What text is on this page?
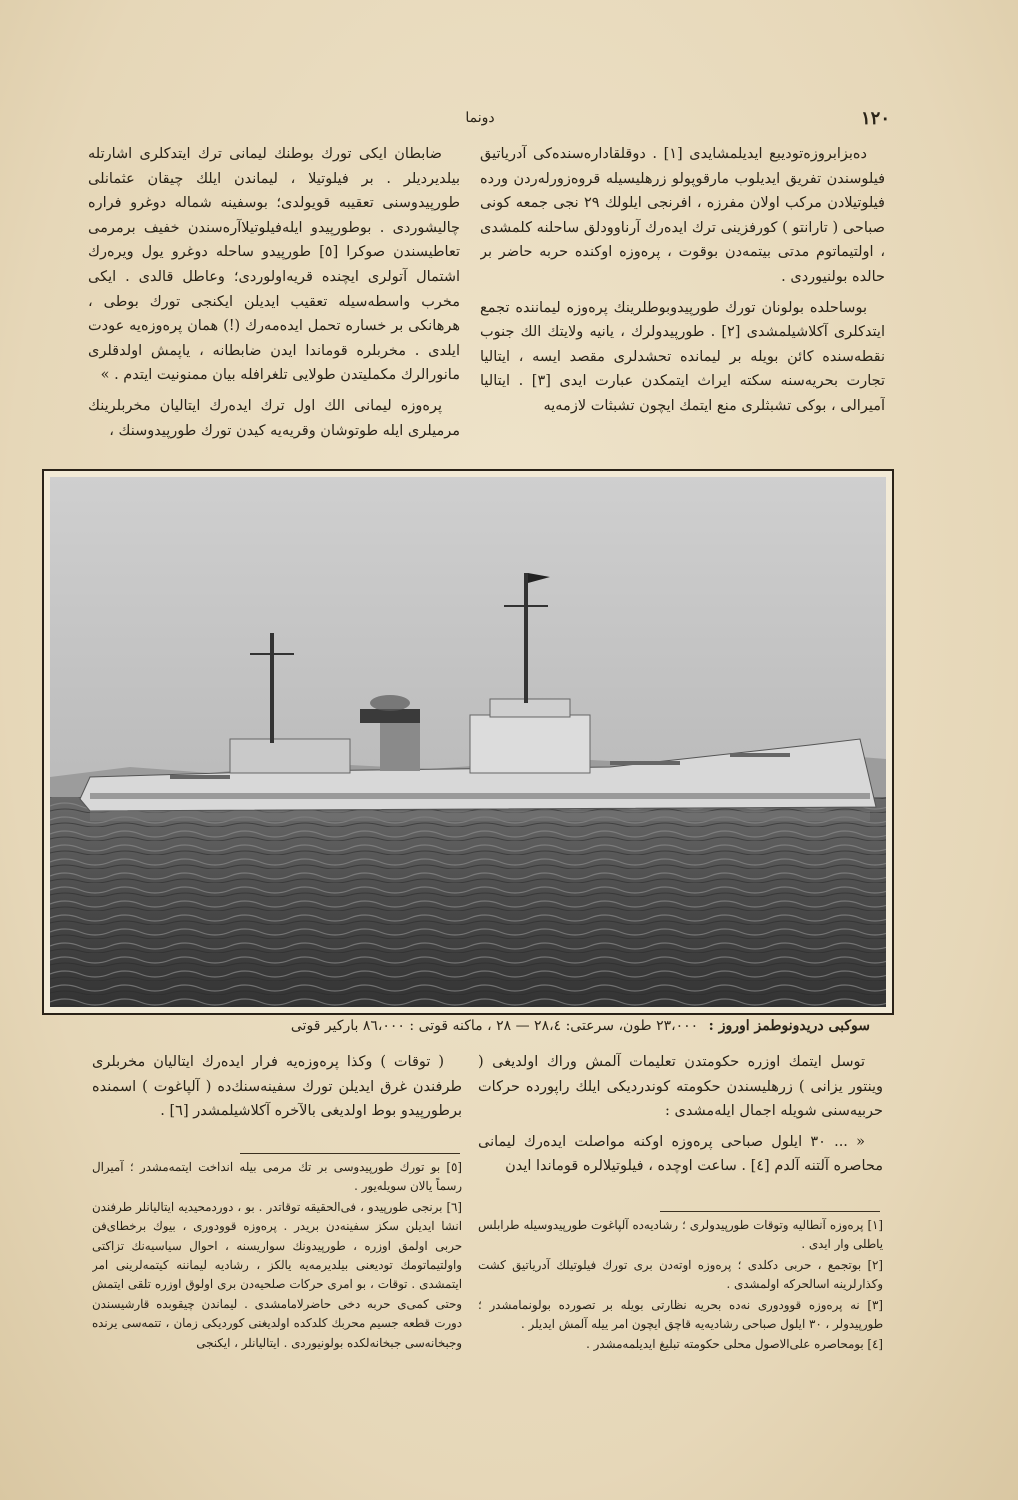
دونما	١٢٠

دەبزابروزەتودیبع ایدیلمشایدی [١] . دوقلقادارەسندەکی آدریاتیق فیلوسندن تفریق ایدیلوب مارقوپولو زرهلیسیله قروەزورلەردن وردە فیلوتیلادن مرکب اولان مفرزە ، افرنجی ایلولك ٢٩ نجی جمعە کونی صباحی ( تارانتو ) کورفزینی ترك ایدەرك آرناوودلق ساحلنە کلمشدی ، اولتیماتوم مدتی بیتمەدن بوقوت ، پرەوزە اوکندە حربە حاضر بر حالدە بولنیوردی .

بوساحلدە بولونان تورك طورپیدوبوطلرینك پرەوزە لیماننده تجمع ایتدکلری آکلاشیلمشدی [٢] . طورپیدولرك ، یانیە ولایتك الك جنوب نقطەسندە کائن بویلە بر لیماندە تحشدلری مقصد ایسە ، ایتالیا تجارت بحریەسنە سکتە ایراث ایتمکدن عبارت ایدی [٣] . ایتالیا آمیرالی ، بوکی تشبثلری منع ایتمك ایچون تشبثات لازمەیە

ضابطان ایکی تورك بوطنك لیمانی ترك ایتدکلری اشارتلە بیلدیردیلر . بر فیلوتیلا ، لیماندن ایلك چیقان عثمانلی طورپیدوسنی تعقیبە قویولدی؛ بوسفینە شمالە دوغرو فرارە چالیشوردی . بوطورپیدو ایلەفیلوتیلاآرەسندن خفیف برمرمی تعاطیسندن صوکرا [٥] طورپیدو ساحلە دوغرو یول ویرەرك اشتمال آتولری ایچندە قریەاولوردی؛ وعاطل قالدی . ایکی مخرب واسطەسیلە تعقیب ایدیلن ایکنجی تورك بوطی ، هرهانکی بر خسارە تحمل ایدەمەرك (!) همان پرەوزەیە عودت ایلدی . مخربلرە قوماندا ایدن ضابطانە ، یاپمش اولدقلری مانورالرك مکملیتدن طولایی تلغرافلە بیان ممنونیت ایتدم . »

پرەوزە لیمانی الك اول ترك ایدەرك ایتالیان مخربلرینك مرمیلری ایلە طوتوشان وقریەیە کیدن تورك طورپیدوسنك ،

سوکبی دریدونوطمز اوروز : ٢٣،٠٠٠ طون، سرعتی: ٢٨،٤ — ٢٨ ، ماکنە قوتی : ٨٦،٠٠٠ بارکیر قوتی

توسل ایتمك اوزرە حکومتدن تعلیمات آلمش وراك اولدیغی ( وینتور یزانی ) زرهلیسندن حکومتە کوندردیکی ایلك راپوردە حرکات حربیەسنی شویلە اجمال ایلەمشدی :

« ... ٣٠ ایلول صباحی پرەوزە اوکنە مواصلت ایدەرك لیمانی محاصرە آلتنە آلدم [٤] . ساعت اوچدە ، فیلوتیلالرە قوماندا ایدن

( توقات ) وکذا پرەوزەیە فرار ایدەرك ایتالیان مخربلری طرفندن غرق ایدیلن تورك سفینەسنك‌دە ( آلپاغوت ) اسمندە برطورپیدو بوط اولدیغی بالآخرە آکلاشیلمشدر [٦] .

[١] پرەوزە آنطالیە وتوقات طورپیدولری ؛ رشادیەدە آلپاغوت طورپیدوسیلە طرابلس یاطلی وار ایدی .

[٢] بوتجمع ، حربی دکلدی ؛ پرەوزە اوتەدن بری تورك فیلوتیلك آدریاتیق کشت وکذارلرینە اسالحرکە اولمشدی .

[٣] نە پرەوزە قوودوری نەدە بحریە نظارتی بویلە بر تصوردە بولونمامشدر ؛ طورپیدولر ، ٣٠ ایلول صباحی رشادیەیە قاچق ایچون امر ییلە آلمش ایدیلر .

[٤] بومحاصرە علی‌الاصول محلی حکومتە تبلیغ ایدیلمەمشدر .

[٥] بو تورك طورپیدوسی بر تك مرمی بیلە انداخت ایتمەمشدر ؛ آمیرال رسماً یالان سویلەیور .

[٦] برنجی طورپیدو ، فی‌الحقیقە توقاتدر . بو ، دوردمحیدیە ایتالیانلر طرفندن انشا ایدیلن سکز سفینەدن بریدر . پرەوزە قوودوری ، بیوك برخطای‌فن حربی اولمق اوزرە ، طورپیدونك سواریسنە ، احوال سیاسیەنك تزاکتی واولتیماتومك تودیعنی بیلدیرمەیە یالکز ، رشادیە لیماننە کیتمەلرینی امر ایتمشدی . توقات ، بو امری حرکات صلحیەدن بری اولوق اوزرە تلقی ایتمش وحتی کمی‌ی حربە دخی حاضرلامامشدی . لیماندن چیقوبدە قارشیسندن دورت قطعە جسیم محربك کلدکدە اولدیغنی کوردیکی زمان ، تتمەسی یرندە وجبخانەسی جبخانەلکدە بولونیوردی . ایتالیانلر ، ایکنجی
